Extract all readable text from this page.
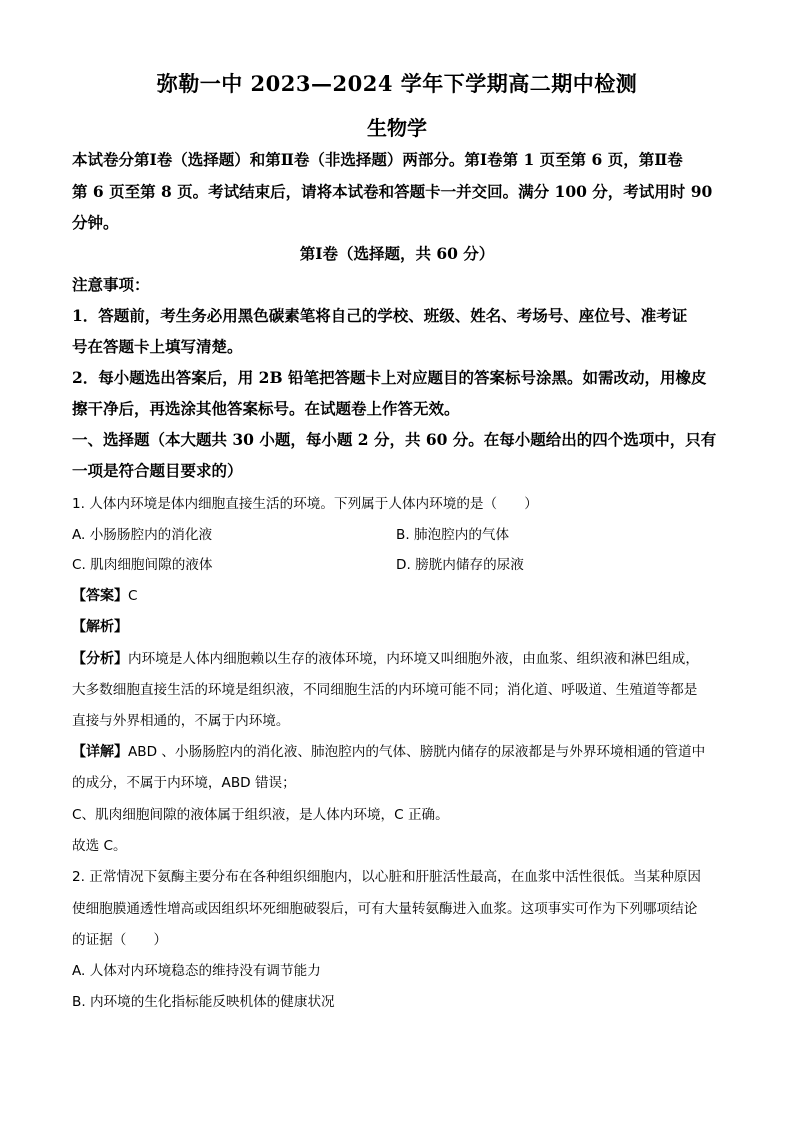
弥勒一中 2023—2024 学年下学期高二期中检测
生物学
本试卷分第Ⅰ卷（选择题）和第Ⅱ卷（非选择题）两部分。第Ⅰ卷第 1 页至第 6 页，第Ⅱ卷
第 6 页至第 8 页。考试结束后，请将本试卷和答题卡一并交回。满分 100 分，考试用时 90
分钟。
第Ⅰ卷（选择题，共 60 分）
注意事项：
1．答题前，考生务必用黑色碳素笔将自己的学校、班级、姓名、考场号、座位号、准考证
号在答题卡上填写清楚。
2．每小题选出答案后，用 2B 铅笔把答题卡上对应题目的答案标号涂黑。如需改动，用橡皮
擦干净后，再选涂其他答案标号。在试题卷上作答无效。
一、选择题（本大题共 30 小题，每小题 2 分，共 60 分。在每小题给出的四个选项中，只有
一项是符合题目要求的）
1. 人体内环境是体内细胞直接生活的环境。下列属于人体内环境的是（　　）
A. 小肠肠腔内的消化液	B. 肺泡腔内的气体
C. 肌肉细胞间隙的液体	D. 膀胱内储存的尿液
【答案】C
【解析】
【分析】内环境是人体内细胞赖以生存的液体环境，内环境又叫细胞外液，由血浆、组织液和淋巴组成，
大多数细胞直接生活的环境是组织液，不同细胞生活的内环境可能不同；消化道、呼吸道、生殖道等都是
直接与外界相通的，不属于内环境。
【详解】ABD 、小肠肠腔内的消化液、肺泡腔内的气体、膀胱内储存的尿液都是与外界环境相通的管道中
的成分，不属于内环境，ABD 错误；
C、肌肉细胞间隙的液体属于组织液，是人体内环境，C 正确。
故选 C。
2. 正常情况下氨酶主要分布在各种组织细胞内，以心脏和肝脏活性最高，在血浆中活性很低。当某种原因
使细胞膜通透性增高或因组织坏死细胞破裂后，可有大量转氨酶进入血浆。这项事实可作为下列哪项结论
的证据（　　）
A. 人体对内环境稳态的维持没有调节能力
B. 内环境的生化指标能反映机体的健康状况
